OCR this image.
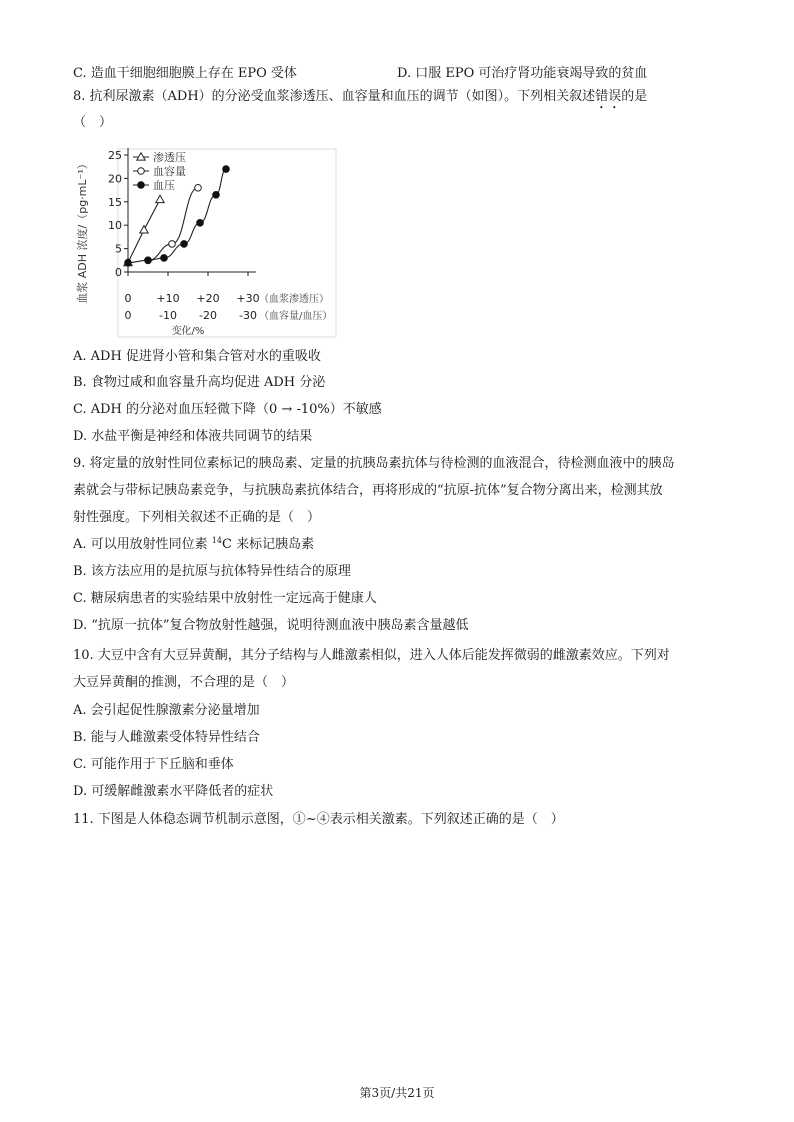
C. 造血干细胞细胞膜上存在 EPO 受体	D. 口服 EPO 可治疗肾功能衰竭导致的贫血
8. 抗利尿激素（ADH）的分泌受血浆渗透压、血容量和血压的调节（如图）。下列相关叙述错误的是
（　）
0
5
10
15
20
25
0 +10 +20 +30
0	-10 -20 -30
渗透压
血容量
血压
（血浆渗透压）
（血容量/血压）
变化/%
血浆 ADH 浓度/（pg·mL⁻¹）
A. ADH 促进肾小管和集合管对水的重吸收
B. 食物过咸和血容量升高均促进 ADH 分泌
C. ADH 的分泌对血压轻微下降（0 → -10%）不敏感
D. 水盐平衡是神经和体液共同调节的结果
9. 将定量的放射性同位素标记的胰岛素、定量的抗胰岛素抗体与待检测的血液混合，待检测血液中的胰岛
素就会与带标记胰岛素竞争，与抗胰岛素抗体结合，再将形成的“抗原-抗体”复合物分离出来，检测其放
射性强度。下列相关叙述不正确的是（　）
A. 可以用放射性同位素 $^{14}$C 来标记胰岛素
B. 该方法应用的是抗原与抗体特异性结合的原理
C. 糖尿病患者的实验结果中放射性一定远高于健康人
D. “抗原一抗体”复合物放射性越强，说明待测血液中胰岛素含量越低
10. 大豆中含有大豆异黄酮，其分子结构与人雌激素相似，进入人体后能发挥微弱的雌激素效应。下列对
大豆异黄酮的推测，不合理的是（　）
A. 会引起促性腺激素分泌量增加
B. 能与人雌激素受体特异性结合
C. 可能作用于下丘脑和垂体
D. 可缓解雌激素水平降低者的症状
11. 下图是人体稳态调节机制示意图，①~④表示相关激素。下列叙述正确的是（　）
第3页/共21页
